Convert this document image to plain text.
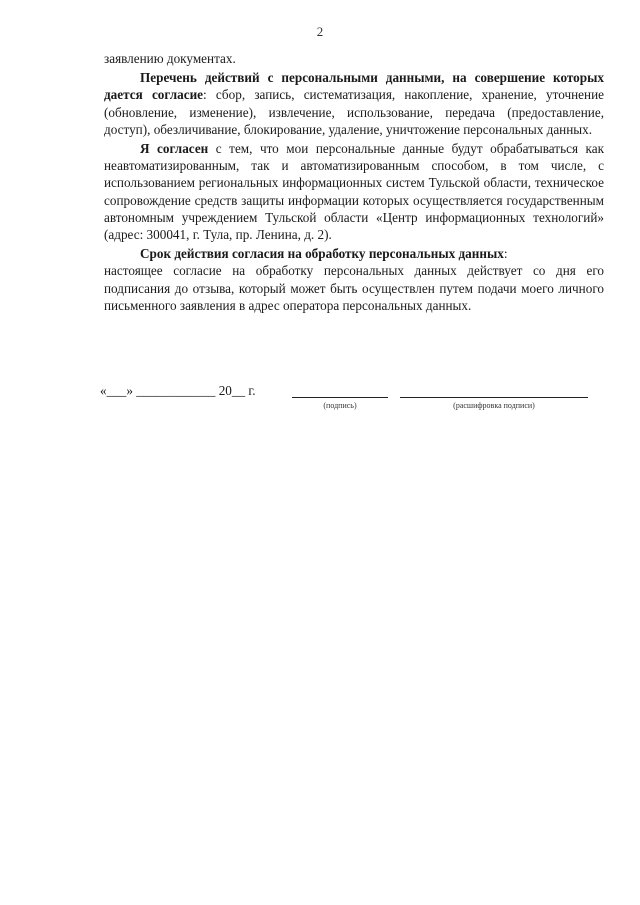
2

заявлению документах.

Перечень действий с персональными данными, на совершение которых дается согласие: сбор, запись, систематизация, накопление, хранение, уточнение (обновление, изменение), извлечение, использование, передача (предоставление, доступ), обезличивание, блокирование, удаление, уничтожение персональных данных.

Я согласен с тем, что мои персональные данные будут обрабатываться как неавтоматизированным, так и автоматизированным способом, в том числе, с использованием региональных информационных систем Тульской области, техническое сопровождение средств защиты информации которых осуществляется государственным автономным учреждением Тульской области «Центр информационных технологий» (адрес: 300041, г. Тула, пр. Ленина, д. 2).

Срок действия согласия на обработку персональных данных:

настоящее согласие на обработку персональных данных действует со дня его подписания до отзыва, который может быть осуществлен путем подачи моего личного письменного заявления в адрес оператора персональных данных.

«___» ____________ 20__ г.
(подпись)	(расшифровка подписи)
